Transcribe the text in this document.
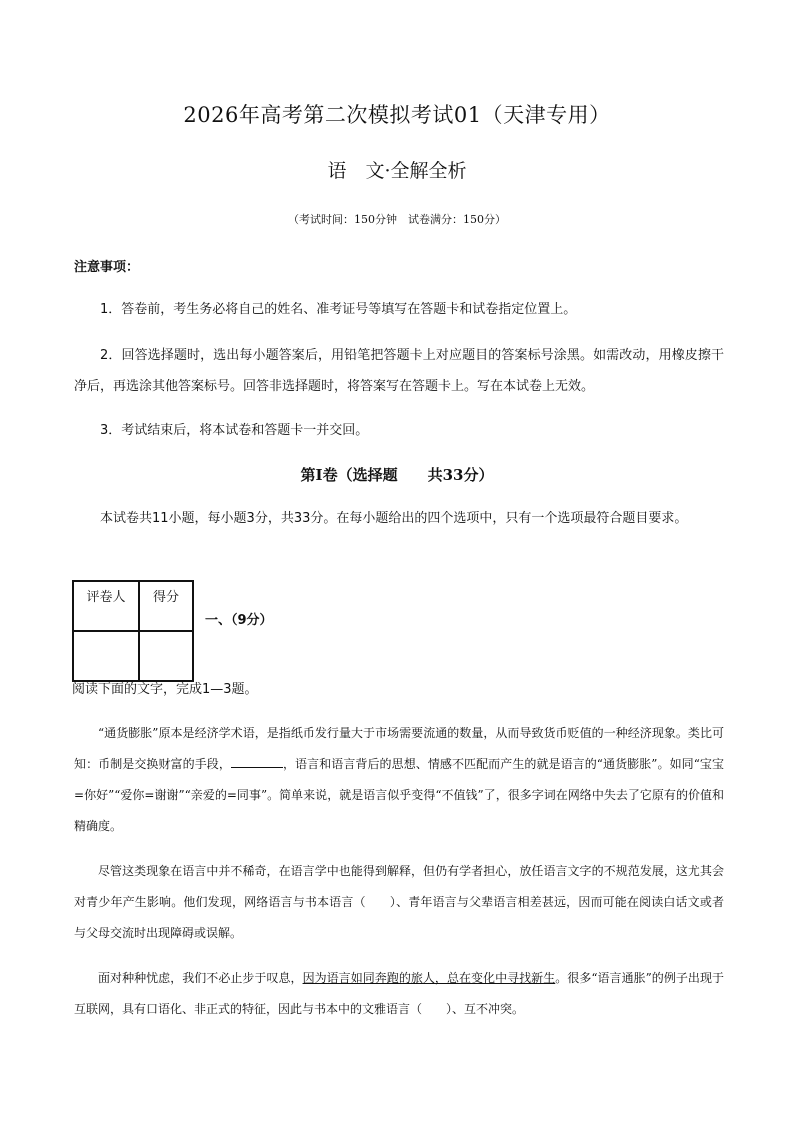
2026年高考第二次模拟考试01（天津专用）
语　文·全解全析
（考试时间：150分钟　试卷满分：150分）
注意事项：
1．答卷前，考生务必将自己的姓名、准考证号等填写在答题卡和试卷指定位置上。
2．回答选择题时，选出每小题答案后，用铅笔把答题卡上对应题目的答案标号涂黑。如需改动，用橡皮擦干净后，再选涂其他答案标号。回答非选择题时，将答案写在答题卡上。写在本试卷上无效。
3．考试结束后，将本试卷和答题卡一并交回。
第Ⅰ卷（选择题　　共33分）
本试卷共11小题，每小题3分，共33分。在每小题给出的四个选项中，只有一个选项最符合题目要求。
评卷人	得分

一、（9分）
阅读下面的文字，完成1—3题。
“通货膨胀”原本是经济学术语，是指纸币发行量大于市场需要流通的数量，从而导致货币贬值的一种经济现象。类比可知：币制是交换财富的手段，	，语言和语言背后的思想、情感不匹配而产生的就是语言的“通货膨胀”。如同“宝宝=你好”“爱你=谢谢”“亲爱的=同事”。简单来说，就是语言似乎变得“不值钱”了，很多字词在网络中失去了它原有的价值和精确度。
尽管这类现象在语言中并不稀奇，在语言学中也能得到解释，但仍有学者担心，放任语言文字的不规范发展，这尤其会对青少年产生影响。他们发现，网络语言与书本语言（　　）、青年语言与父辈语言相差甚远，因而可能在阅读白话文或者与父母交流时出现障碍或误解。
面对种种忧虑，我们不必止步于叹息，因为语言如同奔跑的旅人，总在变化中寻找新生。很多“语言通胀”的例子出现于互联网，具有口语化、非正式的特征，因此与书本中的文雅语言（　　）、互不冲突。
